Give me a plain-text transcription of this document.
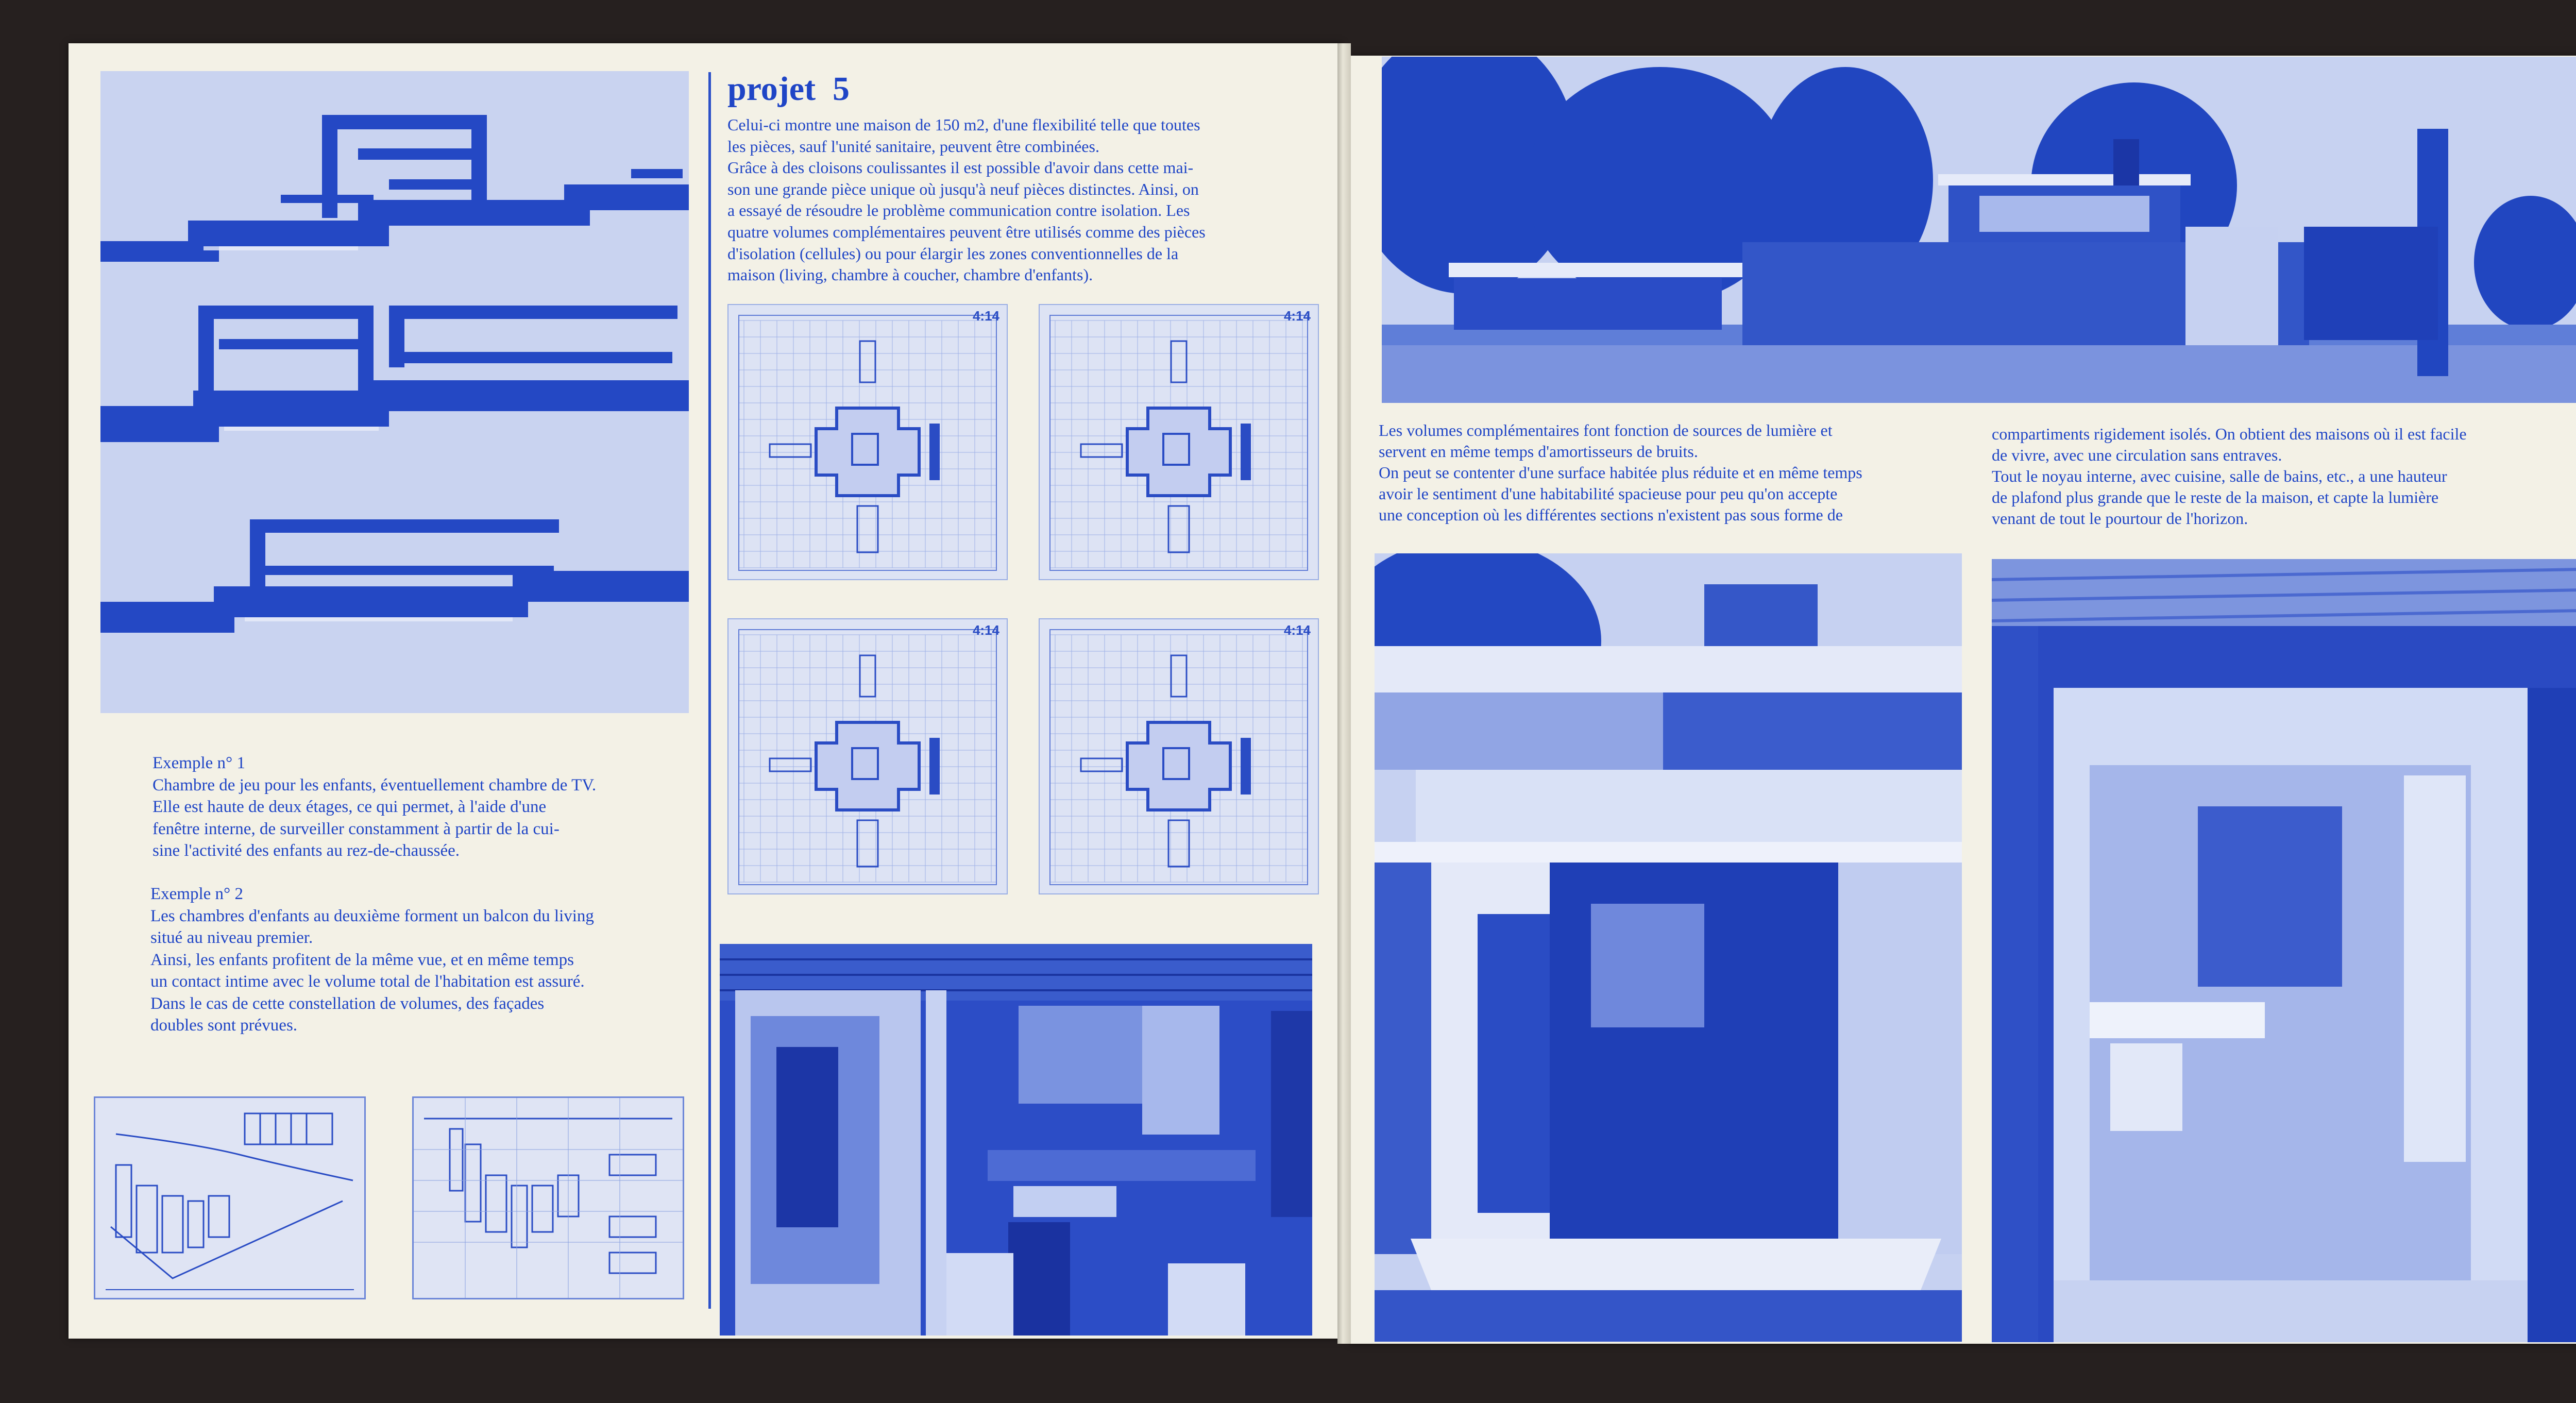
Exemple n° 1

Chambre de jeu pour les enfants, éventuellement chambre de TV.

Elle est haute de deux étages, ce qui permet, à l'aide d'une

fenêtre interne, de surveiller constamment à partir de la cui-

sine l'activité des enfants au rez-de-chaussée.

Exemple n° 2

Les chambres d'enfants au deuxième forment un balcon du living

situé au niveau premier.

Ainsi, les enfants profitent de la même vue, et en même temps

un contact intime avec le volume total de l'habitation est assuré.

Dans le cas de cette constellation de volumes, des façades

doubles sont prévues.

projet  5

Celui-ci montre une maison de 150 m2, d'une flexibilité telle que toutes

les pièces, sauf l'unité sanitaire, peuvent être combinées.

Grâce à des cloisons coulissantes il est possible d'avoir dans cette mai-

son une grande pièce unique où jusqu'à neuf pièces distinctes. Ainsi, on

a essayé de résoudre le problème communication contre isolation. Les

quatre volumes complémentaires peuvent être utilisés comme des pièces

d'isolation (cellules) ou pour élargir les zones conventionnelles de la

maison (living, chambre à coucher, chambre d'enfants).

4:14	4:14
4:14	4:14

Les volumes complémentaires font fonction de sources de lumière et

servent en même temps d'amortisseurs de bruits.

On peut se contenter d'une surface habitée plus réduite et en même temps

avoir le sentiment d'une habitabilité spacieuse pour peu qu'on accepte

une conception où les différentes sections n'existent pas sous forme de

compartiments rigidement isolés. On obtient des maisons où il est facile

de vivre, avec une circulation sans entraves.

Tout le noyau interne, avec cuisine, salle de bains, etc., a une hauteur

de plafond plus grande que le reste de la maison, et capte la lumière

venant de tout le pourtour de l'horizon.
